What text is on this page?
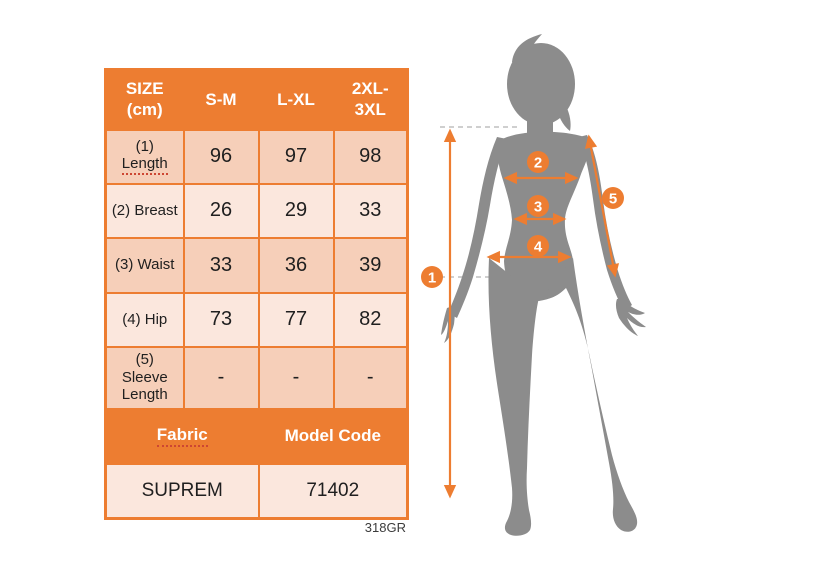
SIZE (cm)	S-M	L-XL	2XL-3XL

(1)
Length	96	97	98
(2) Breast	26	29	33
(3) Waist	33	36	39
(4) Hip	73	77	82

(5)
Sleeve Length	-	-	-
Fabric		Model Code	
SUPREM		71402	
318GR
1
2
3
4
5
